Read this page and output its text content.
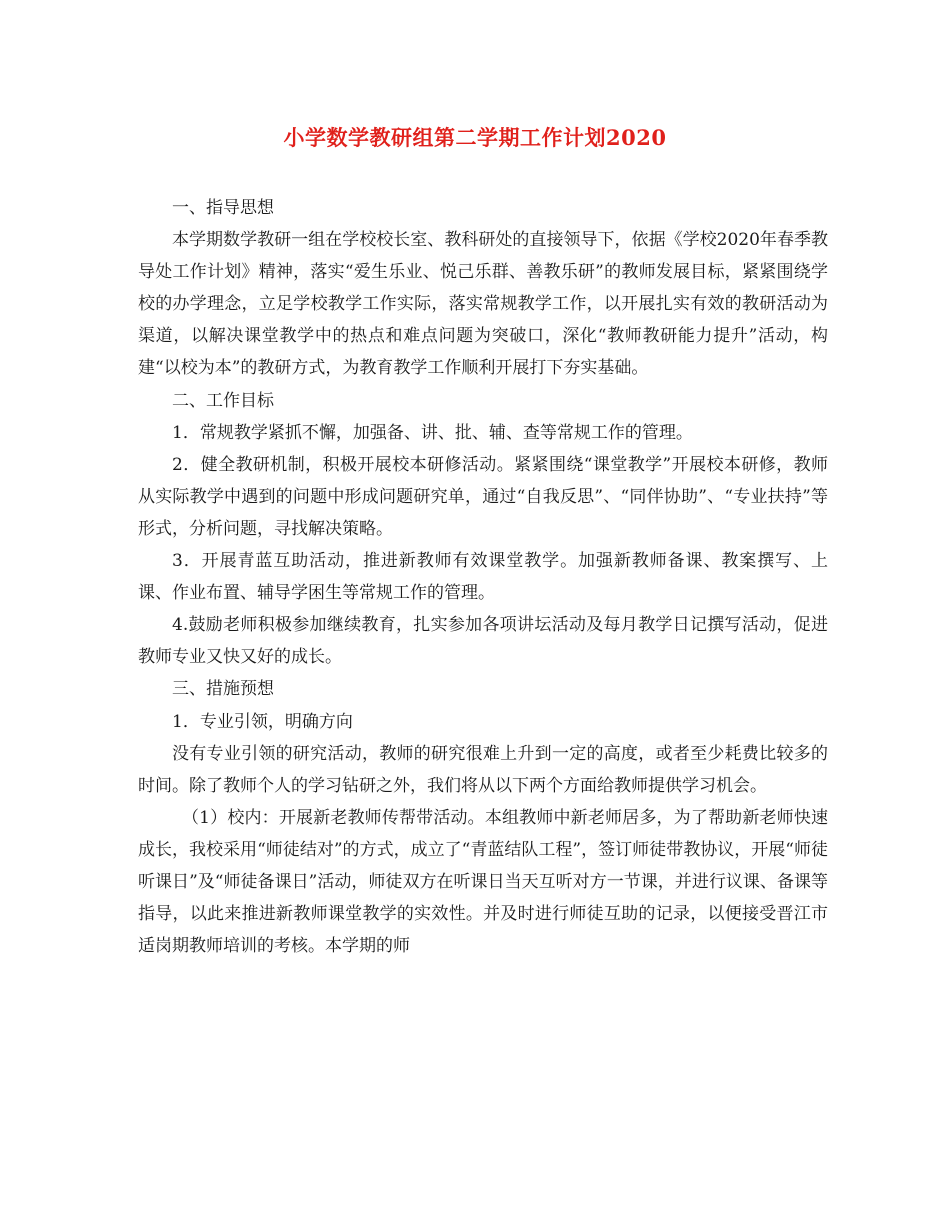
小学数学教研组第二学期工作计划2020

一、指导思想

本学期数学教研一组在学校校长室、教科研处的直接领导下，依据《学校2020年春季教导处工作计划》精神，落实“爱生乐业、悦己乐群、善教乐研”的教师发展目标，紧紧围绕学校的办学理念，立足学校教学工作实际，落实常规教学工作，以开展扎实有效的教研活动为渠道，以解决课堂教学中的热点和难点问题为突破口，深化“教师教研能力提升”活动，构建“以校为本”的教研方式，为教育教学工作顺利开展打下夯实基础。

二、工作目标

1．常规教学紧抓不懈，加强备、讲、批、辅、查等常规工作的管理。

2．健全教研机制，积极开展校本研修活动。紧紧围绕“课堂教学”开展校本研修，教师从实际教学中遇到的问题中形成问题研究单，通过“自我反思”、“同伴协助”、“专业扶持”等形式，分析问题，寻找解决策略。

3．开展青蓝互助活动，推进新教师有效课堂教学。加强新教师备课、教案撰写、上课、作业布置、辅导学困生等常规工作的管理。

4.鼓励老师积极参加继续教育，扎实参加各项讲坛活动及每月教学日记撰写活动，促进教师专业又快又好的成长。

三、措施预想

1．专业引领，明确方向

没有专业引领的研究活动，教师的研究很难上升到一定的高度，或者至少耗费比较多的时间。除了教师个人的学习钻研之外，我们将从以下两个方面给教师提供学习机会。

（1）校内：开展新老教师传帮带活动。本组教师中新老师居多，为了帮助新老师快速成长，我校采用“师徒结对”的方式，成立了“青蓝结队工程”，签订师徒带教协议，开展“师徒听课日”及“师徒备课日”活动，师徒双方在听课日当天互听对方一节课，并进行议课、备课等指导，以此来推进新教师课堂教学的实效性。并及时进行师徒互助的记录，以便接受晋江市适岗期教师培训的考核。本学期的师
